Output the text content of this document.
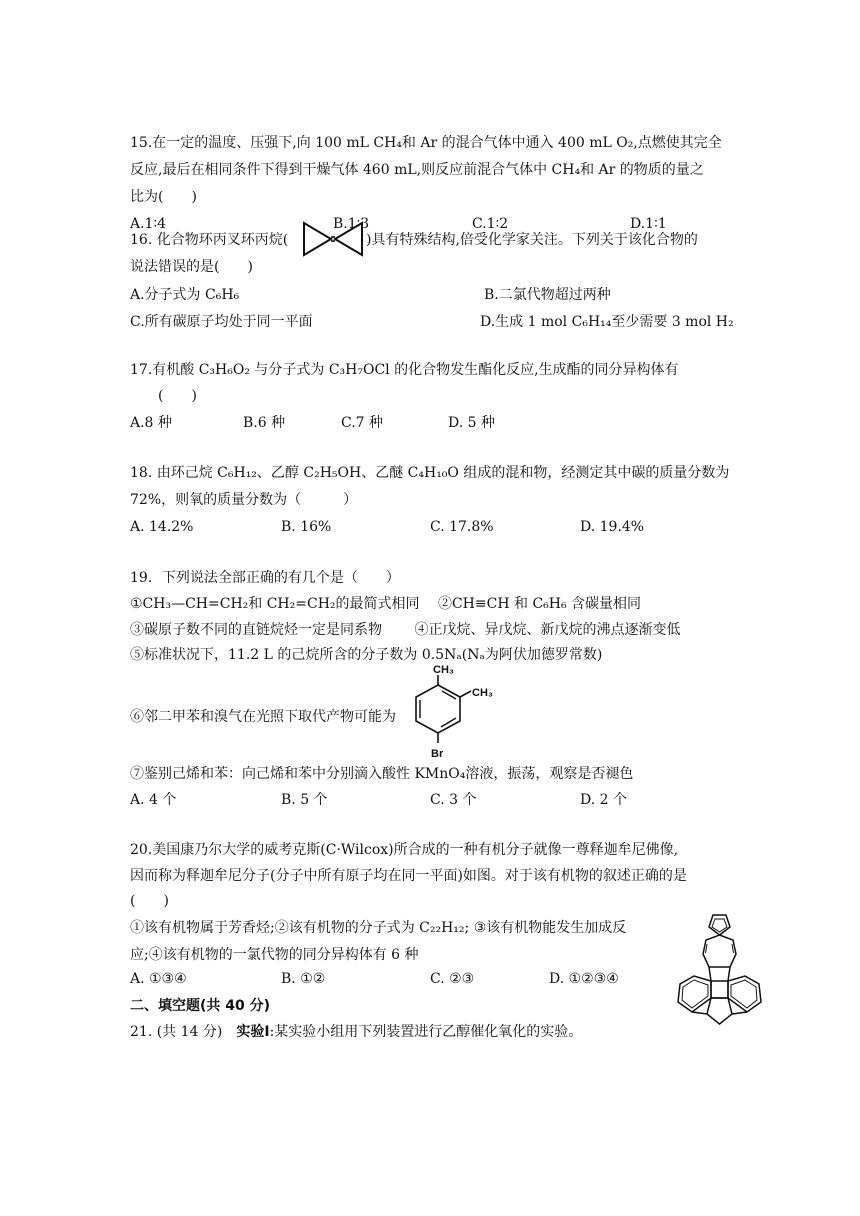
15.在一定的温度、压强下,向 100 mL CH₄和 Ar 的混合气体中通入 400 mL O₂,点燃使其完全
反应,最后在相同条件下得到干燥气体 460 mL,则反应前混合气体中 CH₄和 Ar 的物质的量之
比为(　　)
A.1∶4	B.1∶3	C.1∶2	D.1∶1
16. 化合物环丙叉环丙烷(	)具有特殊结构,倍受化学家关注。下列关于该化合物的
说法错误的是(　　)
A.分子式为 C₆H₆	B.二氯代物超过两种
C.所有碳原子均处于同一平面	D.生成 1 mol C₆H₁₄至少需要 3 mol H₂
17.有机酸 C₃H₆O₂ 与分子式为 C₃H₇OCl 的化合物发生酯化反应,生成酯的同分异构体有
(　　)
A.8 种	B.6 种	C.7 种	D. 5 种
18. 由环己烷 C₆H₁₂、乙醇 C₂H₅OH、乙醚 C₄H₁₀O 组成的混和物，经测定其中碳的质量分数为
72%，则氧的质量分数为（　　　）
A. 14.2%	B. 16%	C. 17.8%	D. 19.4%
19．下列说法全部正确的有几个是（　　）
①CH₃—CH=CH₂和 CH₂=CH₂的最简式相同　 ②CH≡CH 和 C₆H₆ 含碳量相同
③碳原子数不同的直链烷烃一定是同系物　　 ④正戊烷、异戊烷、新戊烷的沸点逐渐变低
⑤标准状况下，11.2 L 的己烷所含的分子数为 0.5Nₐ(Nₐ为阿伏加德罗常数)
⑥邻二甲苯和溴气在光照下取代产物可能为
CH₃
CH₃
Br
⑦鉴别己烯和苯：向己烯和苯中分别滴入酸性 KMnO₄溶液，振荡，观察是否褪色
A. 4 个	B. 5 个	C. 3 个	D. 2 个
20.美国康乃尔大学的威考克斯(C·Wilcox)所合成的一种有机分子就像一尊释迦牟尼佛像,
因而称为释迦牟尼分子(分子中所有原子均在同一平面)如图。对于该有机物的叙述正确的是
(　　)
①该有机物属于芳香烃;②该有机物的分子式为 C₂₂H₁₂; ③该有机物能发生加成反
应;④该有机物的一氯代物的同分异构体有 6 种
A. ①③④	B. ①②	C. ②③	D. ①②③④
二、填空题(共 40 分)
21. (共 14 分)　实验Ⅰ:某实验小组用下列装置进行乙醇催化氧化的实验。
